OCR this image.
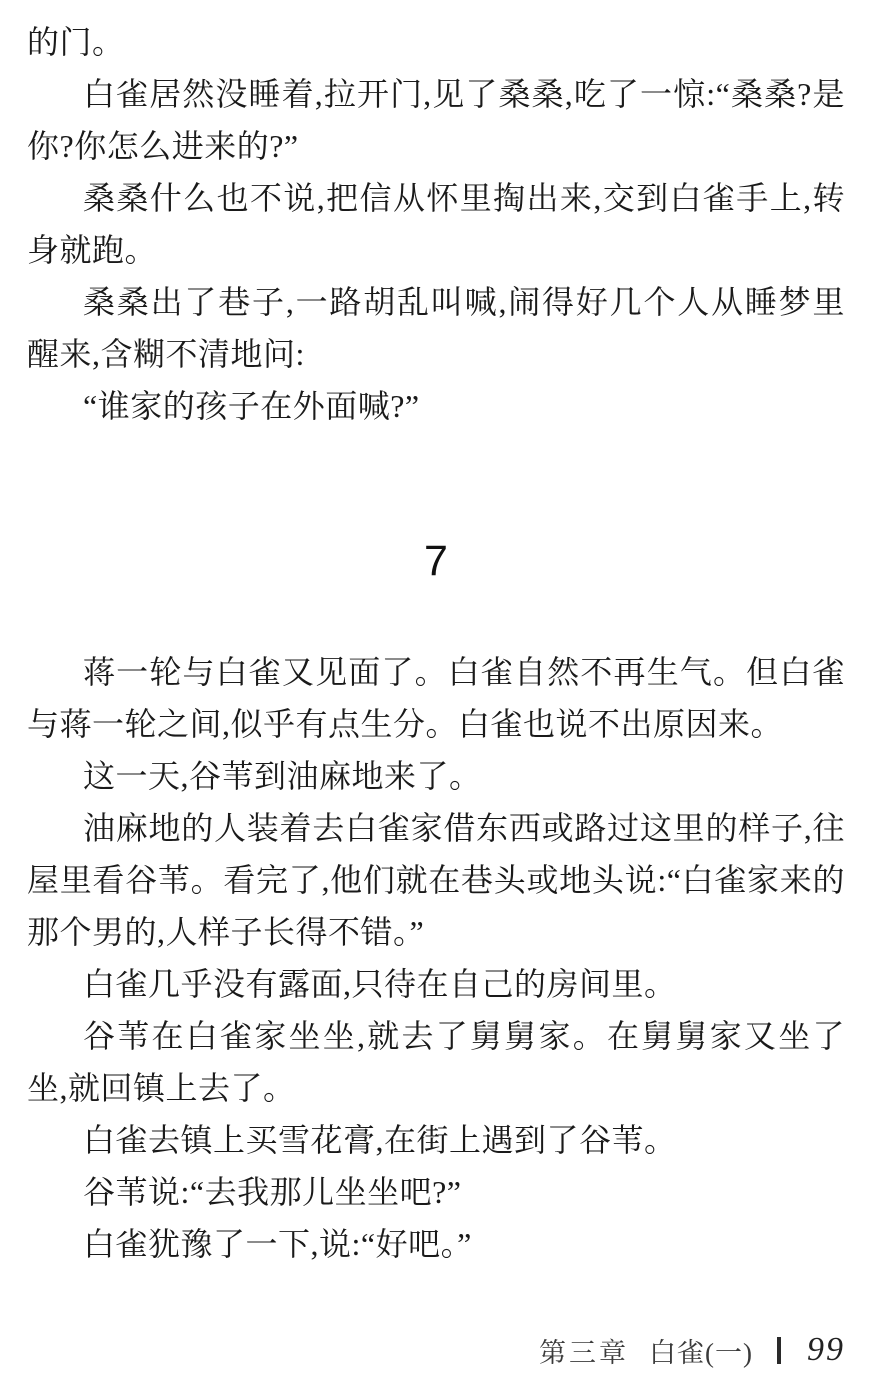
的门。

白雀居然没睡着,拉开门,见了桑桑,吃了一惊:“桑桑?是你?你怎么进来的?”

桑桑什么也不说,把信从怀里掏出来,交到白雀手上,转身就跑。

桑桑出了巷子,一路胡乱叫喊,闹得好几个人从睡梦里醒来,含糊不清地问:

“谁家的孩子在外面喊?”

7

蒋一轮与白雀又见面了。白雀自然不再生气。但白雀与蒋一轮之间,似乎有点生分。白雀也说不出原因来。

这一天,谷苇到油麻地来了。

油麻地的人装着去白雀家借东西或路过这里的样子,往屋里看谷苇。看完了,他们就在巷头或地头说:“白雀家来的那个男的,人样子长得不错。”

白雀几乎没有露面,只待在自己的房间里。

谷苇在白雀家坐坐,就去了舅舅家。在舅舅家又坐了坐,就回镇上去了。

白雀去镇上买雪花膏,在街上遇到了谷苇。

谷苇说:“去我那儿坐坐吧?”

白雀犹豫了一下,说:“好吧。”

第三章 白雀(一) 99
